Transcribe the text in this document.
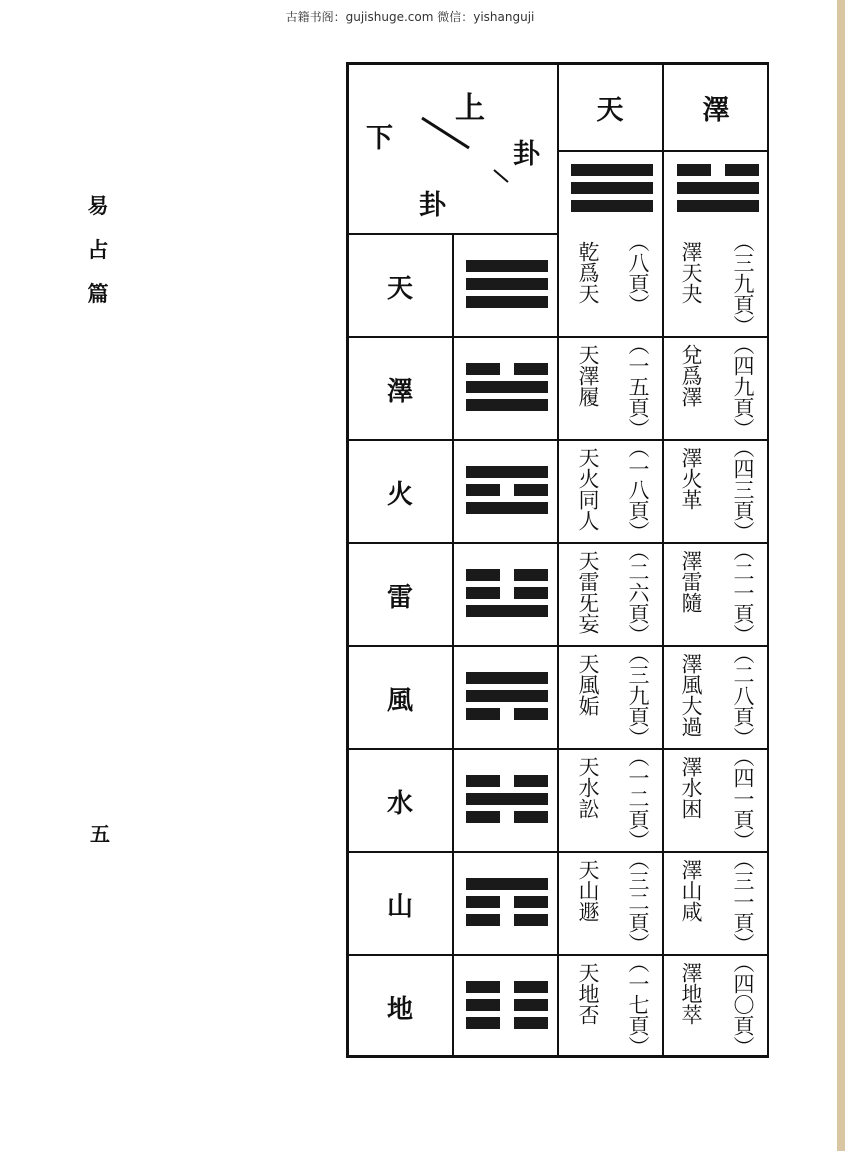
古籍书阁：gujishuge.com 微信：yishanguji
易
占
篇
五
上
卦
下
卦
天	澤
天	乾爲天 （八頁） 澤天夬 （三九頁）
澤	天澤履 （一五頁） 兌爲澤 （四九頁）
火	天火同人 （一八頁） 澤火革 （四三頁）
雷	天雷旡妄 （二六頁） 澤雷隨 （二一頁）
風	天風姤 （三九頁） 澤風大過 （二八頁）
水	天水訟 （一二頁） 澤水困 （四一頁）
山	天山遯 （三二頁） 澤山咸 （三一頁）
地	天地否 （一七頁） 澤地萃 （四〇頁）
